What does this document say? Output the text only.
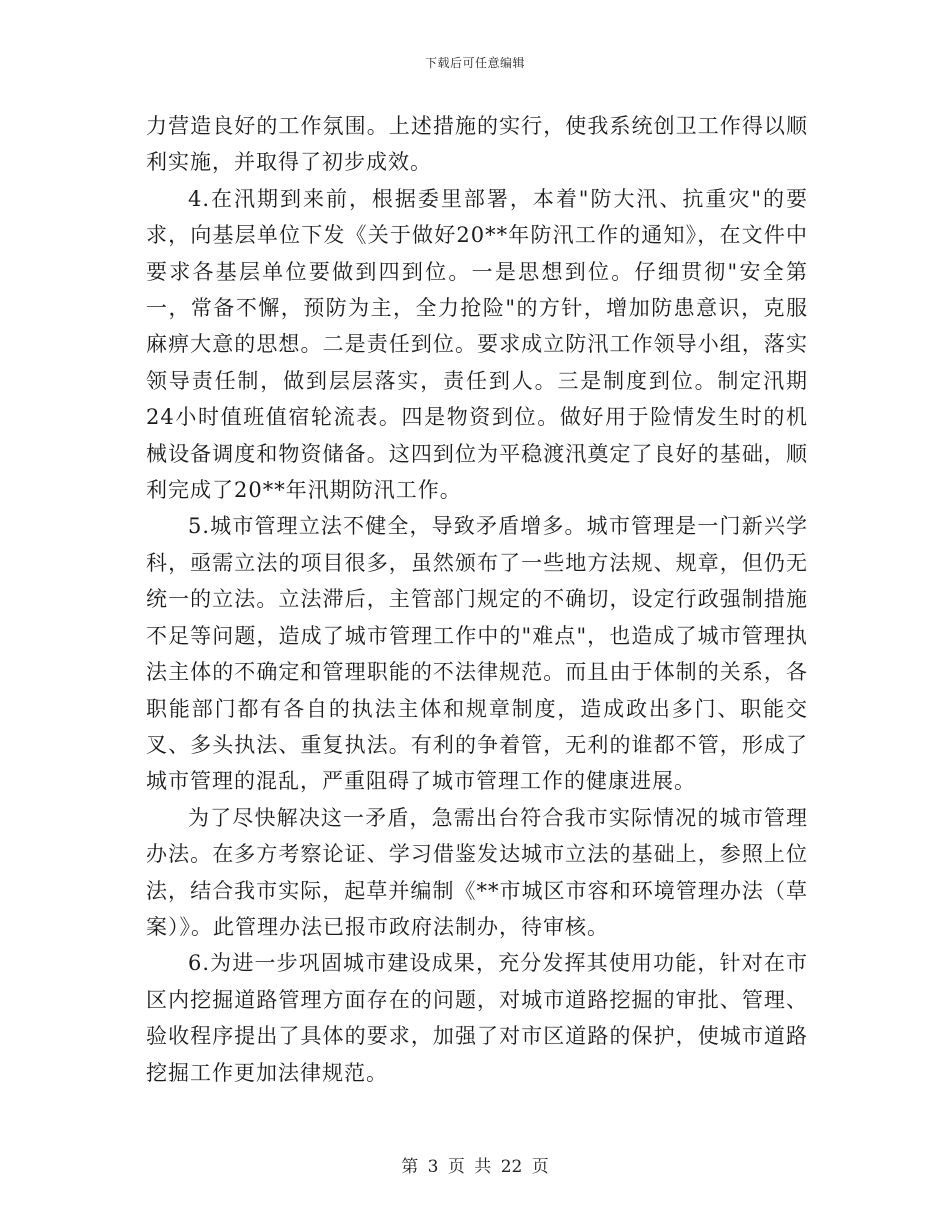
下载后可任意编辑

力营造良好的工作氛围。上述措施的实行，使我系统创卫工作得以顺利实施，并取得了初步成效。

4.在汛期到来前，根据委里部署，本着"防大汛、抗重灾"的要求，向基层单位下发《关于做好20**年防汛工作的通知》，在文件中要求各基层单位要做到四到位。一是思想到位。仔细贯彻"安全第一，常备不懈，预防为主，全力抢险"的方针，增加防患意识，克服麻痹大意的思想。二是责任到位。要求成立防汛工作领导小组，落实领导责任制，做到层层落实，责任到人。三是制度到位。制定汛期24小时值班值宿轮流表。四是物资到位。做好用于险情发生时的机械设备调度和物资储备。这四到位为平稳渡汛奠定了良好的基础，顺利完成了20**年汛期防汛工作。

5.城市管理立法不健全，导致矛盾增多。城市管理是一门新兴学科，亟需立法的项目很多，虽然颁布了一些地方法规、规章，但仍无统一的立法。立法滞后，主管部门规定的不确切，设定行政强制措施不足等问题，造成了城市管理工作中的"难点"，也造成了城市管理执法主体的不确定和管理职能的不法律规范。而且由于体制的关系，各职能部门都有各自的执法主体和规章制度，造成政出多门、职能交叉、多头执法、重复执法。有利的争着管，无利的谁都不管，形成了城市管理的混乱，严重阻碍了城市管理工作的健康进展。

为了尽快解决这一矛盾，急需出台符合我市实际情况的城市管理办法。在多方考察论证、学习借鉴发达城市立法的基础上，参照上位法，结合我市实际，起草并编制《**市城区市容和环境管理办法（草案）》。此管理办法已报市政府法制办，待审核。

6.为进一步巩固城市建设成果，充分发挥其使用功能，针对在市区内挖掘道路管理方面存在的问题，对城市道路挖掘的审批、管理、验收程序提出了具体的要求，加强了对市区道路的保护，使城市道路挖掘工作更加法律规范。

第 3 页 共 22 页
